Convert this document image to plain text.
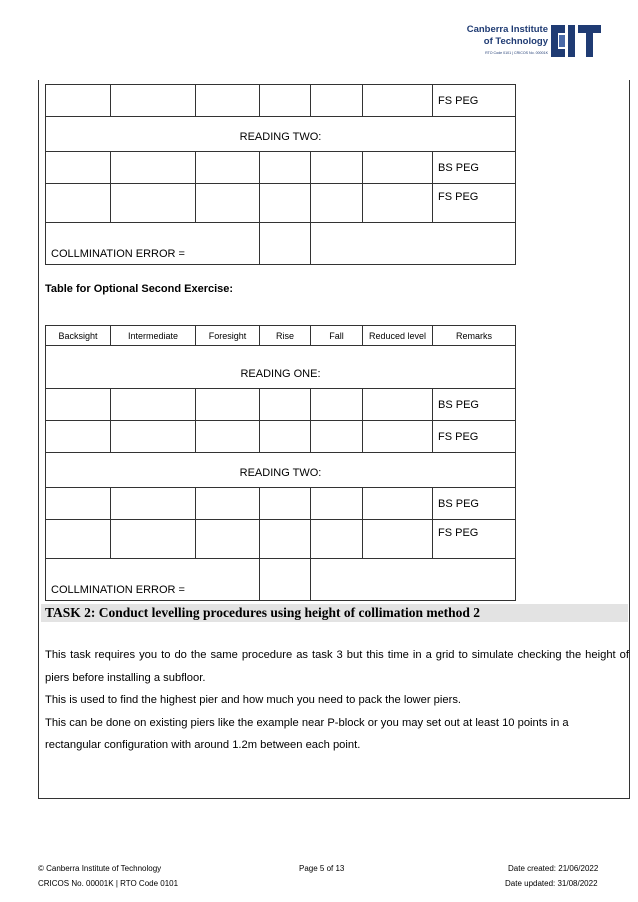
Canberra Institute
of Technology
RTO Code 0101 | CRICOS No. 00001K
						FS PEG
READING TWO:						
						BS PEG
						FS PEG
COLLMINATION ERROR =						
Table for Optional Second Exercise:
Backsight	Intermediate	Foresight	Rise	Fall	Reduced level	Remarks
READING ONE:						
						BS PEG
						FS PEG
READING TWO:						
						BS PEG
						FS PEG
COLLMINATION ERROR =						
TASK 2: Conduct levelling procedures using height of collimation method 2

This task requires you to do the same procedure as task 3 but this time in a grid to simulate checking the height of piers before installing a subfloor.

This is used to find the highest pier and how much you need to pack the lower piers.

This can be done on existing piers like the example near P-block or you may set out at least 10 points in a rectangular configuration with around 1.2m between each point.

© Canberra Institute of Technology
CRICOS No. 00001K | RTO Code 0101
Page 5 of 13	Date created: 21/06/2022
Date updated: 31/08/2022
